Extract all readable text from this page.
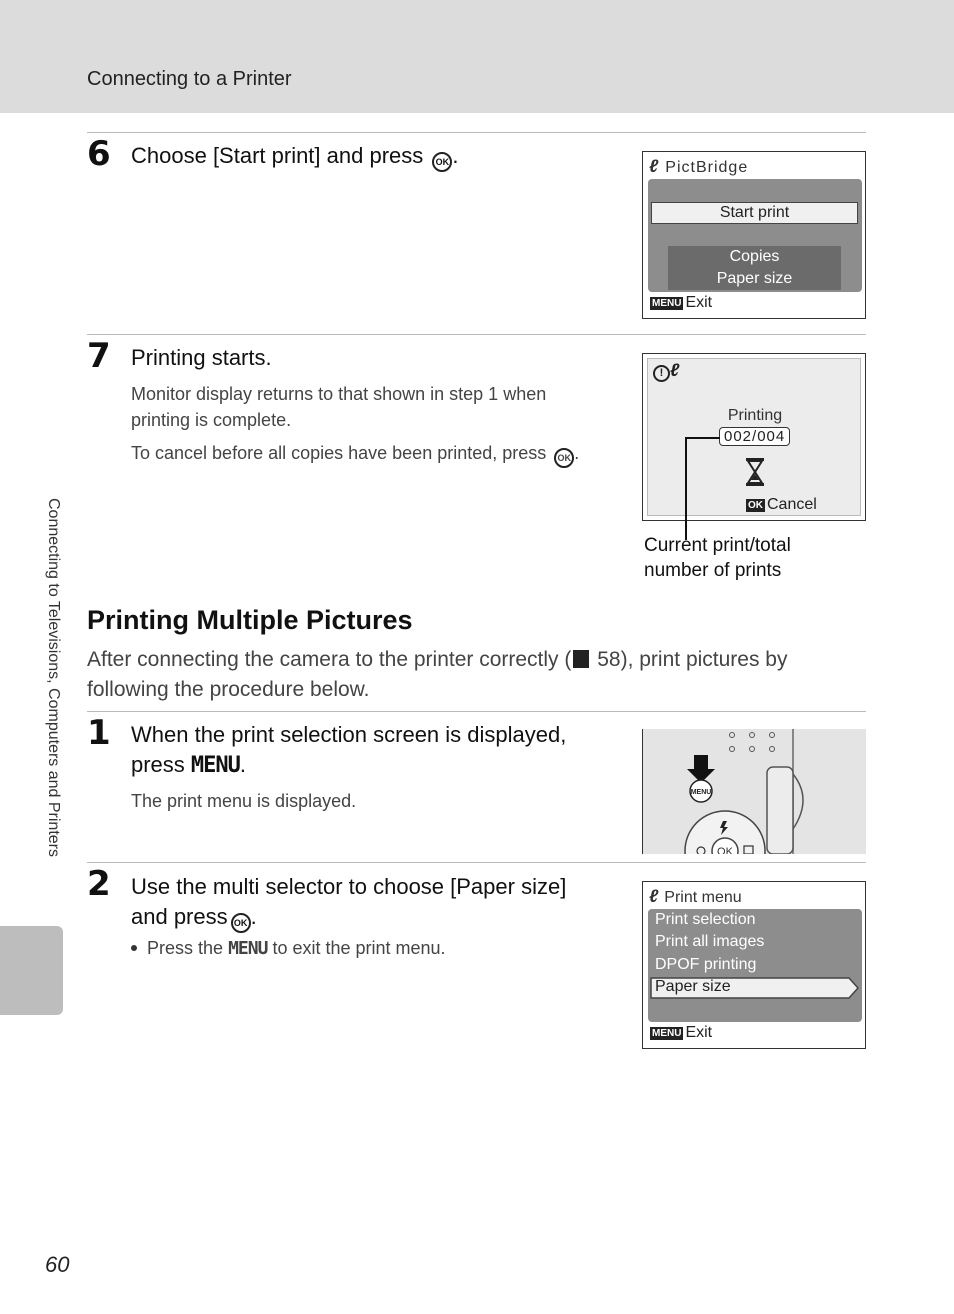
Connecting to a Printer
Connecting to Televisions, Computers and Printers
6 Choose [Start print] and press OK .	ℓ PictBridge
Start print
Copies
Paper size
MENU Exit
7 Printing starts.
Monitor display returns to that shown in step 1 when printing is complete.
To cancel before all copies have been printed, press OK .
! ℓ
Printing
002/004
OK Cancel
Current print/total
number of prints
Printing Multiple Pictures
After connecting the camera to the printer correctly ( 58), print pictures by following the procedure below.
1 When the print selection screen is displayed,
press MENU.
The print menu is displayed.	MENU
OK
2 Use the multi selector to choose [Paper size]
and press OK .
Press the MENU to exit the print menu.
ℓ Print menu
Print selection
Print all images
DPOF printing
Paper size
MENU Exit
60
